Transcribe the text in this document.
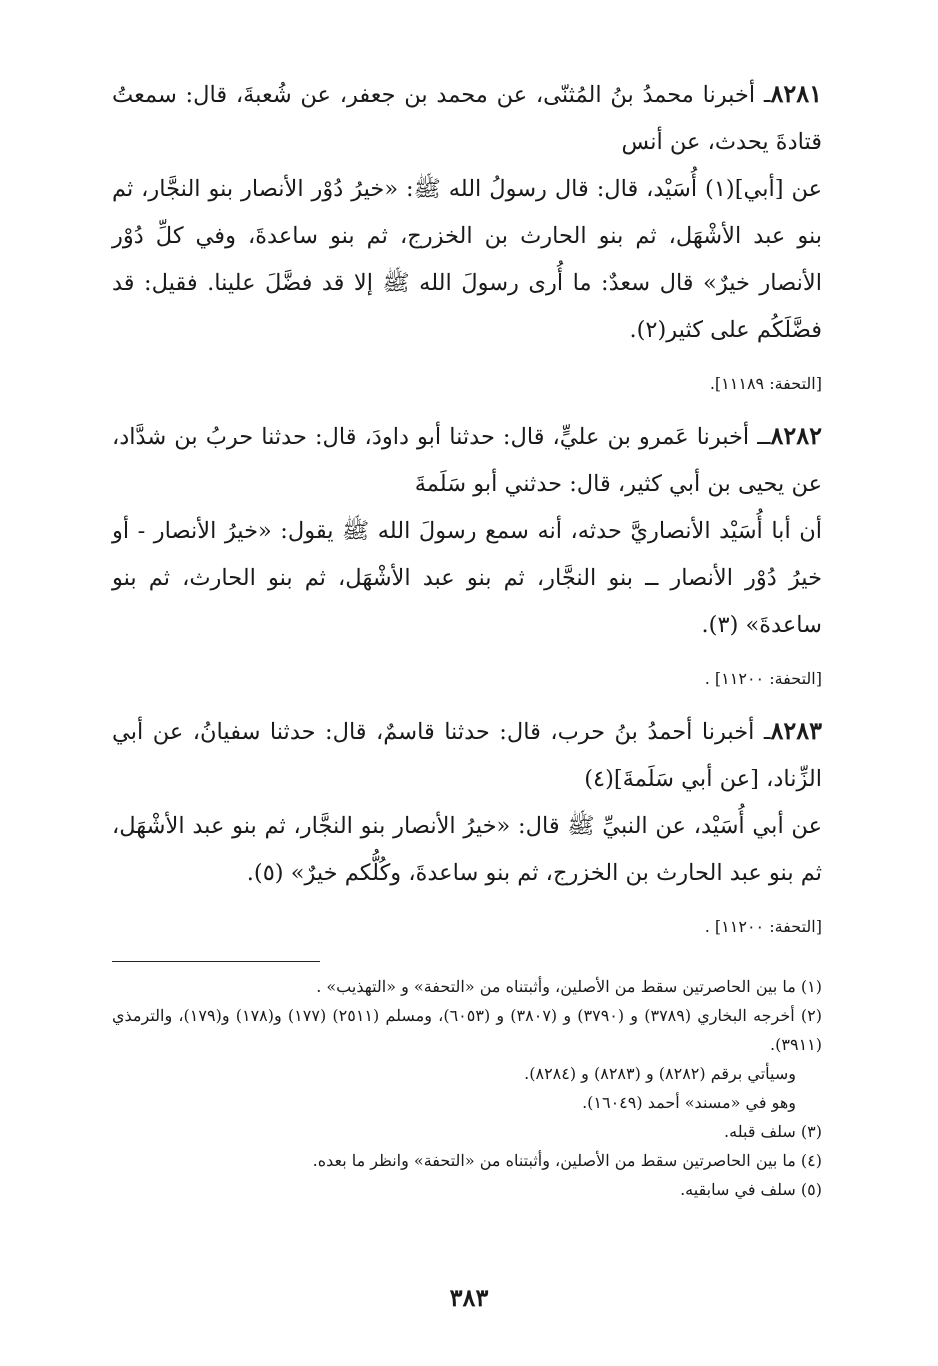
٨٢٨١ـ أخبرنا محمدُ بنُ المُثنّى، عن محمد بن جعفر، عن شُعبةَ، قال: سمعتُ قتادةَ يحدث، عن أنس

عن [أبي](١) أُسَيْد، قال: قال رسولُ الله ﷺ: «خيرُ دُوْر الأنصار بنو النجَّار، ثم بنو عبد الأشْهَل، ثم بنو الحارث بن الخزرج، ثم بنو ساعدةَ، وفي كلِّ دُوْر الأنصار خيرٌ» قال سعدٌ: ما أُرى رسولَ الله ﷺ إلا قد فضَّلَ علينا. فقيل: قد فضَّلَكُم على كثير(٢).

[التحفة: ١١١٨٩].

٨٢٨٢ــ أخبرنا عَمرو بن عليٍّ، قال: حدثنا أبو داودَ، قال: حدثنا حربُ بن شدَّاد، عن يحيى بن أبي كثير، قال: حدثني أبو سَلَمةَ

أن أبا أُسَيْد الأنصاريَّ حدثه، أنه سمع رسولَ الله ﷺ يقول: «خيرُ الأنصار - أو خيرُ دُوْر الأنصار ــ بنو النجَّار، ثم بنو عبد الأشْهَل، ثم بنو الحارث، ثم بنو ساعدةَ» (٣).

[التحفة: ١١٢٠٠] .

٨٢٨٣ـ أخبرنا أحمدُ بنُ حرب، قال: حدثنا قاسمٌ، قال: حدثنا سفيانُ، عن أبي الزِّناد، [عن أبي سَلَمةَ](٤)

عن أبي أُسَيْد، عن النبيِّ ﷺ قال: «خيرُ الأنصار بنو النجَّار، ثم بنو عبد الأشْهَل، ثم بنو عبد الحارث بن الخزرج، ثم بنو ساعدةَ، وكُلُّكم خيرٌ» (٥).

[التحفة: ١١٢٠٠] .

(١) ما بين الحاصرتين سقط من الأصلين، وأثبتناه من «التحفة» و «التهذيب» .

(٢) أخرجه البخاري (٣٧٨٩) و (٣٧٩٠) و (٣٨٠٧) و (٦٠٥٣)، ومسلم (٢٥١١) (١٧٧) و(١٧٨) و(١٧٩)، والترمذي (٣٩١١).

وسيأتي برقم (٨٢٨٢) و (٨٢٨٣) و (٨٢٨٤).

وهو في «مسند» أحمد (١٦٠٤٩).

(٣) سلف قبله.

(٤) ما بين الحاصرتين سقط من الأصلين، وأثبتناه من «التحفة» وانظر ما بعده.

(٥) سلف في سابقيه.

٣٨٣
